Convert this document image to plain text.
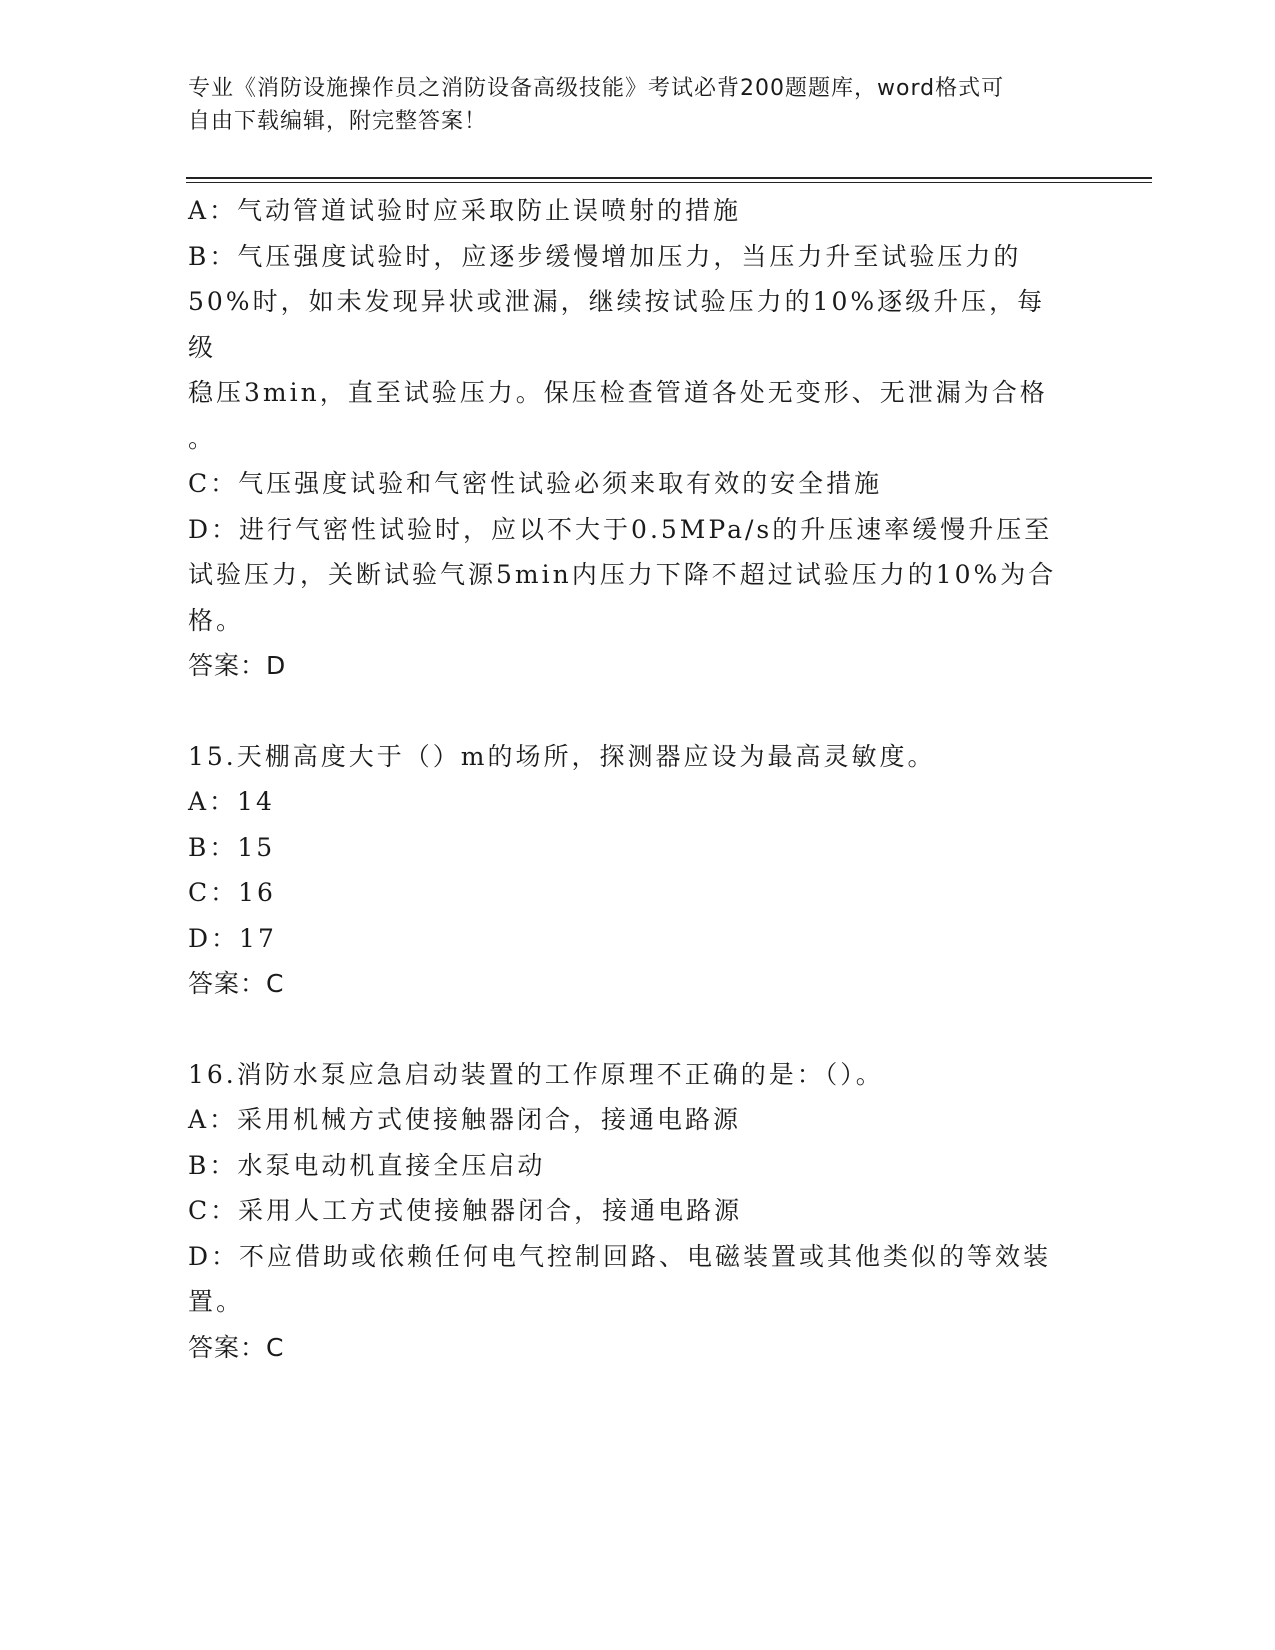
专业《消防设施操作员之消防设备高级技能》考试必背200题题库，word格式可
自由下载编辑，附完整答案！
A：气动管道试验时应采取防止误喷射的措施
B：气压强度试验时，应逐步缓慢增加压力，当压力升至试验压力的
50%时，如未发现异状或泄漏，继续按试验压力的10%逐级升压，每级
稳压3min，直至试验压力。保压检查管道各处无变形、无泄漏为合格
。
C：气压强度试验和气密性试验必须来取有效的安全措施
D：进行气密性试验时，应以不大于0.5MPa/s的升压速率缓慢升压至
试验压力，关断试验气源5min内压力下降不超过试验压力的10%为合
格。
答案：D
15.天棚高度大于（）m的场所，探测器应设为最高灵敏度。
A：14
B：15
C：16
D：17
答案：C
16.消防水泵应急启动装置的工作原理不正确的是：（）。
A：采用机械方式使接触器闭合，接通电路源
B：水泵电动机直接全压启动
C：采用人工方式使接触器闭合，接通电路源
D：不应借助或依赖任何电气控制回路、电磁装置或其他类似的等效装
置。
答案：C
